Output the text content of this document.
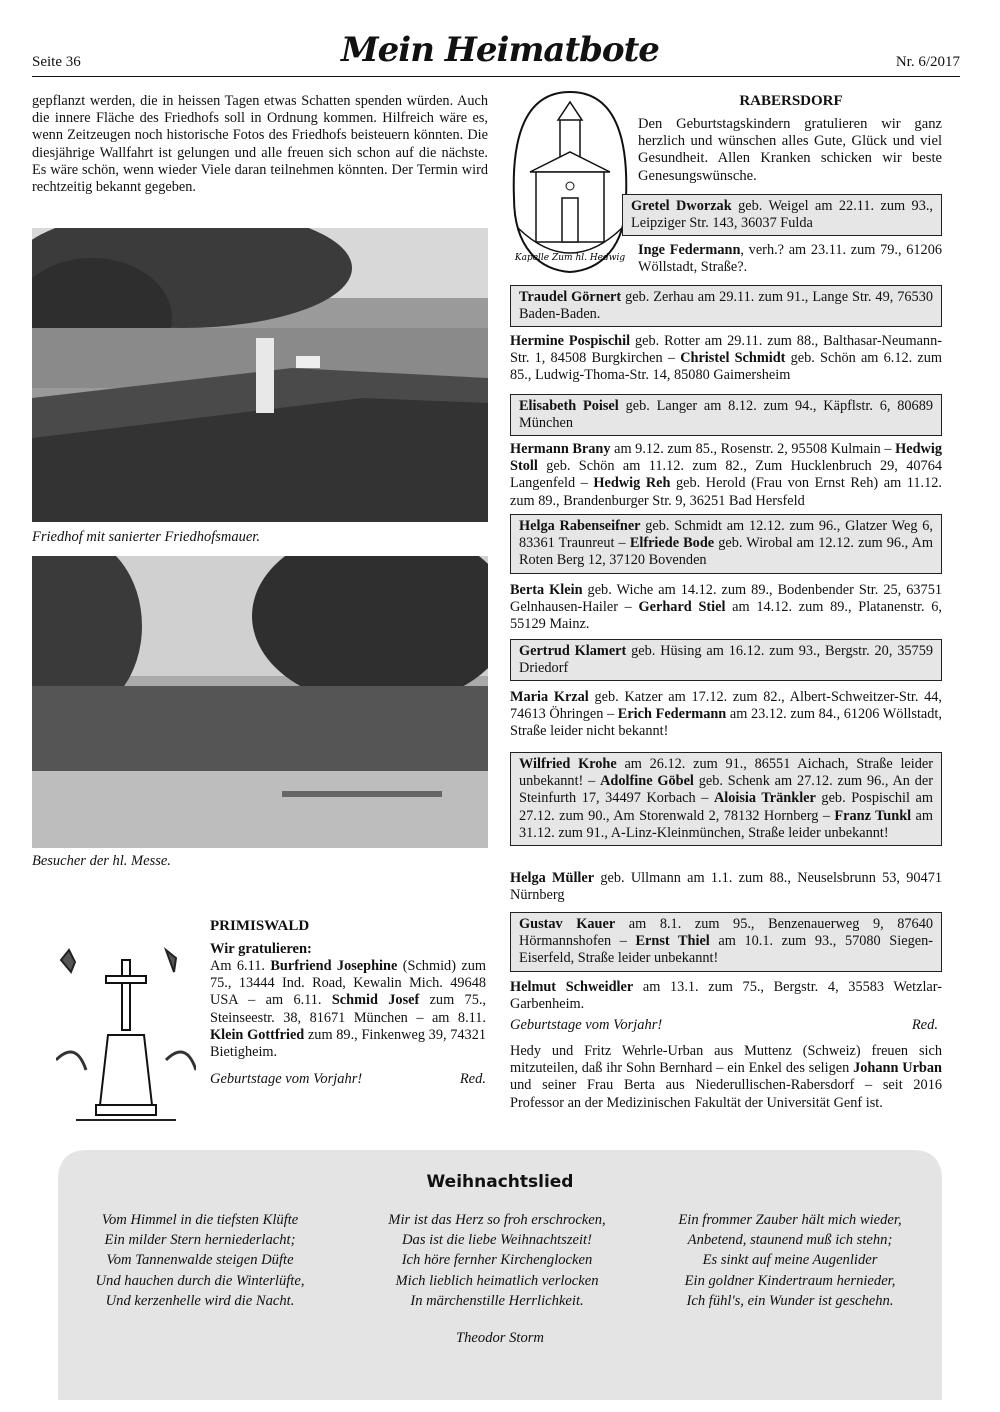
Seite 36	Mein Heimatbote	Nr. 6/2017

gepflanzt werden, die in heissen Tagen etwas Schatten spenden würden. Auch die innere Fläche des Friedhofs soll in Ordnung kommen. Hilfreich wäre es, wenn Zeitzeugen noch historische Fotos des Friedhofs beisteuern könnten. Die diesjährige Wallfahrt ist gelungen und alle freuen sich schon auf die nächste. Es wäre schön, wenn wieder Viele daran teilnehmen könnten. Der Termin wird rechtzeitig bekannt gegeben.

Friedhof mit sanierter Friedhofsmauer.
Besucher der hl. Messe.
PRIMISWALD
Wir gratulieren:
Am 6.11. Burfriend Josephine (Schmid) zum 75., 13444 Ind. Road, Kewalin Mich. 49648 USA – am 6.11. Schmid Josef zum 75., Steinseestr. 38, 81671 München – am 8.11. Klein Gottfried zum 89., Finkenweg 39, 74321 Bietigheim.
Geburtstage vom Vorjahr!	Red.
Kapelle Zum hl. Hedwig
RABERSDORF

Den Geburtstagskindern gratulieren wir ganz herzlich und wünschen alles Gute, Glück und viel Gesundheit. Allen Kranken schicken wir beste Genesungswünsche.

Gretel Dworzak geb. Weigel am 22.11. zum 93., Leipziger Str. 143, 36037 Fulda
Inge Federmann, verh.? am 23.11. zum 79., 61206 Wöllstadt, Straße?.
Traudel Görnert geb. Zerhau am 29.11. zum 91., Lange Str. 49, 76530 Baden-Baden.
Hermine Pospischil geb. Rotter am 29.11. zum 88., Balthasar-Neumann-Str. 1, 84508 Burgkirchen – Christel Schmidt geb. Schön am 6.12. zum 85., Ludwig-Thoma-Str. 14, 85080 Gaimersheim
Elisabeth Poisel geb. Langer am 8.12. zum 94., Käpflstr. 6, 80689 München
Hermann Brany am 9.12. zum 85., Rosenstr. 2, 95508 Kulmain – Hedwig Stoll geb. Schön am 11.12. zum 82., Zum Hucklenbruch 29, 40764 Langenfeld – Hedwig Reh geb. Herold (Frau von Ernst Reh) am 11.12. zum 89., Brandenburger Str. 9, 36251 Bad Hersfeld
Helga Rabenseifner geb. Schmidt am 12.12. zum 96., Glatzer Weg 6, 83361 Traunreut – Elfriede Bode geb. Wirobal am 12.12. zum 96., Am Roten Berg 12, 37120 Bovenden
Berta Klein geb. Wiche am 14.12. zum 89., Bodenbender Str. 25, 63751 Gelnhausen-Hailer – Gerhard Stiel am 14.12. zum 89., Platanenstr. 6, 55129 Mainz.
Gertrud Klamert geb. Hüsing am 16.12. zum 93., Bergstr. 20, 35759 Driedorf
Maria Krzal geb. Katzer am 17.12. zum 82., Albert-Schweitzer-Str. 44, 74613 Öhringen – Erich Federmann am 23.12. zum 84., 61206 Wöllstadt, Straße leider nicht bekannt!
Wilfried Krohe am 26.12. zum 91., 86551 Aichach, Straße leider unbekannt! – Adolfine Göbel geb. Schenk am 27.12. zum 96., An der Steinfurth 17, 34497 Korbach – Aloisia Tränkler geb. Pospischil am 27.12. zum 90., Am Storenwald 2, 78132 Hornberg – Franz Tunkl am 31.12. zum 91., A-Linz-Kleinmünchen, Straße leider unbekannt!
Helga Müller geb. Ullmann am 1.1. zum 88., Neuselsbrunn 53, 90471 Nürnberg
Gustav Kauer am 8.1. zum 95., Benzenauerweg 9, 87640 Hörmannshofen – Ernst Thiel am 10.1. zum 93., 57080 Siegen-Eiserfeld, Straße leider unbekannt!
Helmut Schweidler am 13.1. zum 75., Bergstr. 4, 35583 Wetzlar-Garbenheim.
Geburtstage vom Vorjahr!	Red.
Hedy und Fritz Wehrle-Urban aus Muttenz (Schweiz) freuen sich mitzuteilen, daß ihr Sohn Bernhard – ein Enkel des seligen Johann Urban und seiner Frau Berta aus Niederullischen-Rabersdorf – seit 2016 Professor an der Medizinischen Fakultät der Universität Genf ist.
Weihnachtslied
Vom Himmel in die tiefsten Klüfte
Ein milder Stern herniederlacht;
Vom Tannenwalde steigen Düfte
Und hauchen durch die Winterlüfte,
Und kerzenhelle wird die Nacht.
Mir ist das Herz so froh erschrocken,
Das ist die liebe Weihnachtszeit!
Ich höre fernher Kirchenglocken
Mich lieblich heimatlich verlocken
In märchenstille Herrlichkeit.
Ein frommer Zauber hält mich wieder,
Anbetend, staunend muß ich stehn;
Es sinkt auf meine Augenlider
Ein goldner Kindertraum hernieder,
Ich fühl's, ein Wunder ist geschehn.
Theodor Storm
